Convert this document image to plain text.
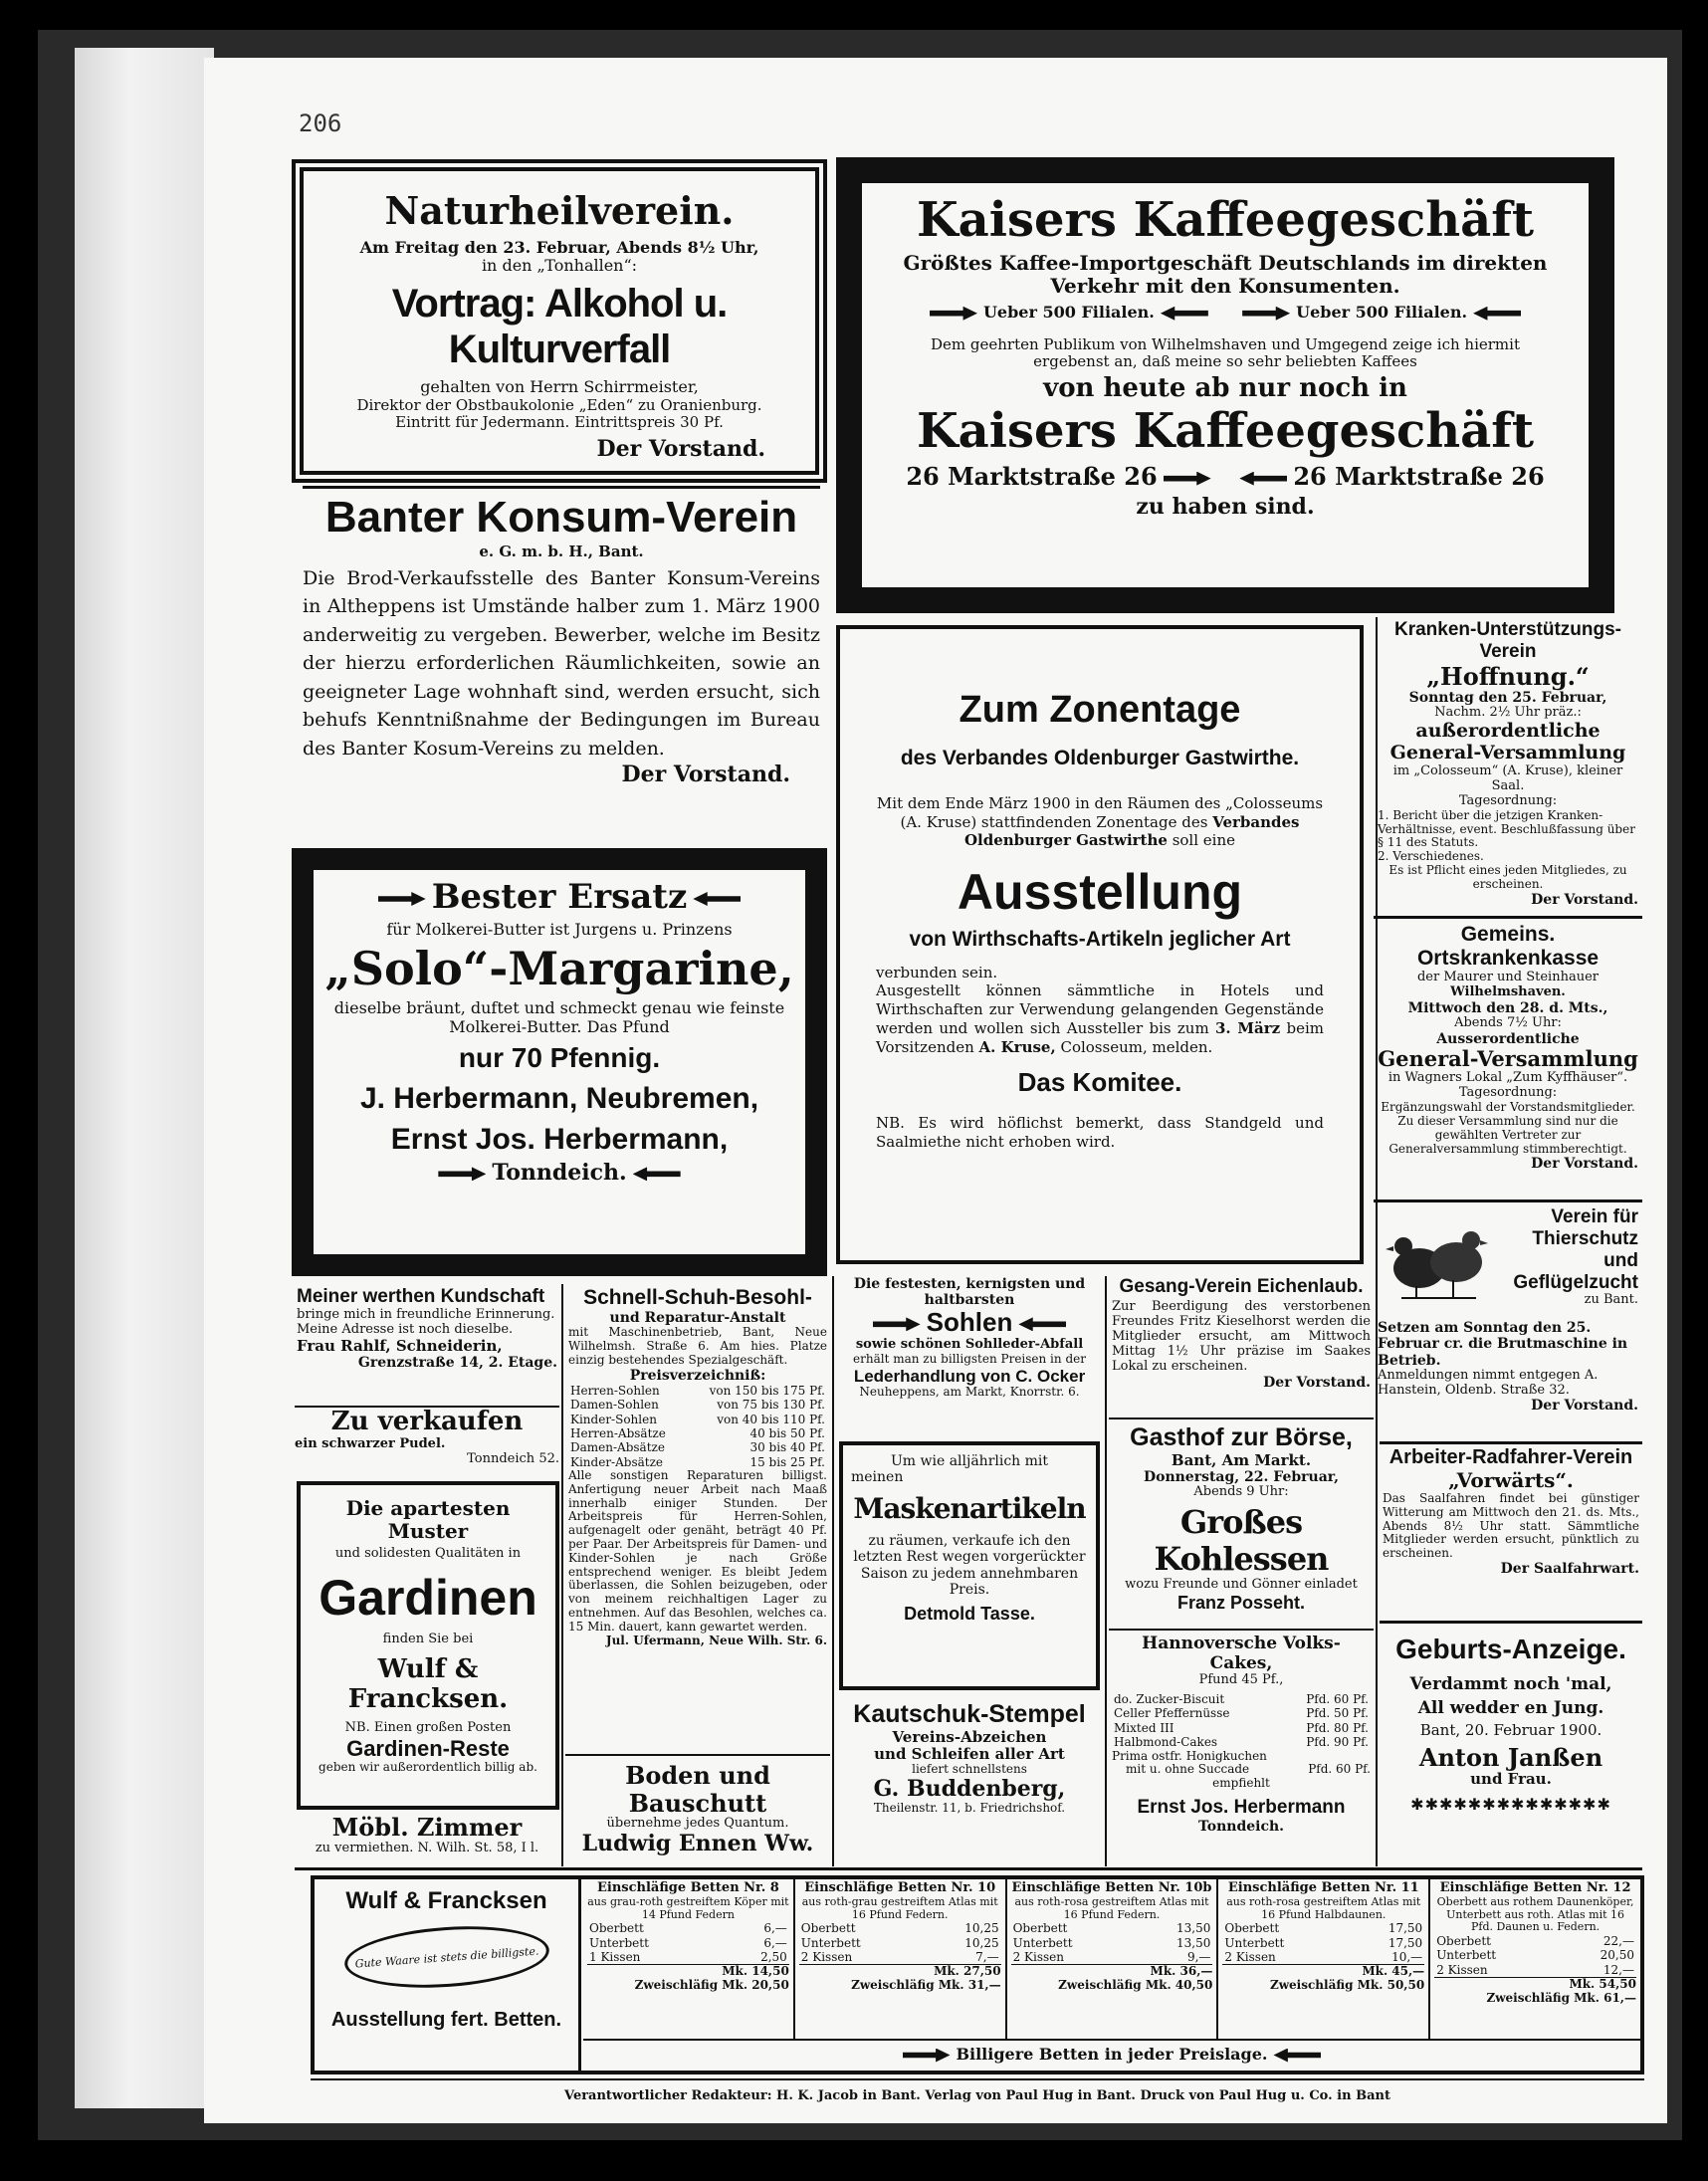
206

Naturheilverein.

Am Freitag den 23. Februar, Abends 8½ Uhr,

in den „Tonhallen“:

Vortrag: Alkohol u. Kulturverfall

gehalten von Herrn Schirrmeister,

Direktor der Obstbaukolonie „Eden“ zu Oranienburg.

Eintritt für Jedermann. Eintrittspreis 30 Pf.

Der Vorstand.

Kaisers Kaffeegeschäft

Größtes Kaffee-Importgeschäft Deutschlands im direkten

Verkehr mit den Konsumenten.

Ueber 500 Filialen.	Ueber 500 Filialen.

Dem geehrten Publikum von Wilhelmshaven und Umgegend zeige ich hiermit

ergebenst an, daß meine so sehr beliebten Kaffees

von heute ab nur noch in

Kaisers Kaffeegeschäft

26 Marktstraße 26	26 Marktstraße 26

zu haben sind.

Banter Konsum-Verein

e. G. m. b. H., Bant.

Die Brod-Verkaufsstelle des Banter Konsum-Vereins in Altheppens ist Umstände halber zum 1. März 1900 anderweitig zu vergeben. Bewerber, welche im Besitz der hierzu erforderlichen Räumlichkeiten, sowie an geeigneter Lage wohnhaft sind, werden ersucht, sich behufs Kenntnißnahme der Bedingungen im Bureau des Banter Kosum-Vereins zu melden.

Der Vorstand.

Zum Zonentage

des Verbandes Oldenburger Gastwirthe.

Mit dem Ende März 1900 in den Räumen des „Colosseums (A. Kruse) stattfindenden Zonentage des Verbandes Oldenburger Gastwirthe soll eine

Ausstellung

von Wirthschafts-Artikeln jeglicher Art

verbunden sein.

Ausgestellt können sämmtliche in Hotels und Wirthschaften zur Verwendung gelangenden Gegenstände werden und wollen sich Aussteller bis zum 3. März beim Vorsitzenden A. Kruse, Colosseum, melden.

Das Komitee.

NB. Es wird höflichst bemerkt, dass Standgeld und Saalmiethe nicht erhoben wird.

Kranken-Unterstützungs-Verein

„Hoffnung.“

Sonntag den 25. Februar,

Nachm. 2½ Uhr präz.:

außerordentliche General-Versammlung

im „Colosseum“ (A. Kruse), kleiner Saal.

Tagesordnung:

1. Bericht über die jetzigen Kranken-Verhältnisse, event. Beschlußfassung über § 11 des Statuts.

2. Verschiedenes.

Es ist Pflicht eines jeden Mitgliedes, zu erscheinen.

Der Vorstand.

Bester Ersatz

für Molkerei-Butter ist Jurgens u. Prinzens

„Solo“-Margarine,

dieselbe bräunt, duftet und schmeckt genau wie feinste

Molkerei-Butter. Das Pfund

nur 70 Pfennig.

J. Herbermann, Neubremen,

Ernst Jos. Herbermann,

Tonndeich.

Gemeins. Ortskrankenkasse

der Maurer und Steinhauer

Wilhelmshaven.

Mittwoch den 28. d. Mts.,

Abends 7½ Uhr:

Ausserordentliche

General-Versammlung

in Wagners Lokal „Zum Kyffhäuser“.

Tagesordnung:

Ergänzungswahl der Vorstandsmitglieder. Zu dieser Versammlung sind nur die gewählten Vertreter zur Generalversammlung stimmberechtigt.

Der Vorstand.

Verein für Thierschutz und Geflügelzucht

zu Bant.

Setzen am Sonntag den 25. Februar cr. die Brutmaschine in Betrieb.

Anmeldungen nimmt entgegen A. Hanstein, Oldenb. Straße 32.

Der Vorstand.

Meiner werthen Kundschaft

bringe mich in freundliche Erinnerung.

Meine Adresse ist noch dieselbe.

Frau Rahlf, Schneiderin,

Grenzstraße 14, 2. Etage.

Zu verkaufen

ein schwarzer Pudel.

Tonndeich 52.

Die apartesten Muster

und solidesten Qualitäten in

Gardinen

finden Sie bei

Wulf & Francksen.

NB. Einen großen Posten

Gardinen-Reste

geben wir außerordentlich billig ab.

Möbl. Zimmer

zu vermiethen. N. Wilh. St. 58, I l.

Schnell-Schuh-Besohl-

und Reparatur-Anstalt

mit Maschinenbetrieb, Bant, Neue Wilhelmsh. Straße 6. Am hies. Platze einzig bestehendes Spezialgeschäft.

Preisverzeichniß:

Herren-Sohlen	von 150 bis 175 Pf.
Damen-Sohlen	von 75 bis 130 Pf.
Kinder-Sohlen	von 40 bis 110 Pf.
Herren-Absätze	40 bis 50 Pf.
Damen-Absätze	30 bis 40 Pf.
Kinder-Absätze	15 bis 25 Pf.

Alle sonstigen Reparaturen billigst. Anfertigung neuer Arbeit nach Maaß innerhalb einiger Stunden. Der Arbeitspreis für Herren-Sohlen, aufgenagelt oder genäht, beträgt 40 Pf. per Paar. Der Arbeitspreis für Damen- und Kinder-Sohlen je nach Größe entsprechend weniger. Es bleibt Jedem überlassen, die Sohlen beizugeben, oder von meinem reichhaltigen Lager zu entnehmen. Auf das Besohlen, welches ca. 15 Min. dauert, kann gewartet werden.

Jul. Ufermann, Neue Wilh. Str. 6.

Boden und Bauschutt

übernehme jedes Quantum.

Ludwig Ennen Ww.

Die festesten, kernigsten und

haltbarsten

Sohlen

sowie schönen Sohlleder-Abfall

erhält man zu billigsten Preisen in der

Lederhandlung von C. Ocker

Neuheppens, am Markt, Knorrstr. 6.

Um wie alljährlich mit

meinen

Maskenartikeln

zu räumen, verkaufe ich den letzten Rest wegen vorgerückter Saison zu jedem annehmbaren Preis.

Detmold Tasse.

Kautschuk-Stempel

Vereins-Abzeichen

und Schleifen aller Art

liefert schnellstens

G. Buddenberg,

Theilenstr. 11, b. Friedrichshof.

Gesang-Verein Eichenlaub.

Zur Beerdigung des verstorbenen Freundes Fritz Kieselhorst werden die Mitglieder ersucht, am Mittwoch Mittag 1½ Uhr präzise im Saakes Lokal zu erscheinen.

Der Vorstand.

Gasthof zur Börse,

Bant, Am Markt.

Donnerstag, 22. Februar,

Abends 9 Uhr:

Großes Kohlessen

wozu Freunde und Gönner einladet

Franz Posseht.

Hannoversche Volks-Cakes,

Pfund 45 Pf.,

do. Zucker-Biscuit	Pfd. 60 Pf.
Celler Pfeffernüsse	Pfd. 50 Pf.
Mixted III	Pfd. 80 Pf.
Halbmond-Cakes	Pfd. 90 Pf.

Prima ostfr. Honigkuchen

mit u. ohne Succade	Pfd. 60 Pf.

empfiehlt

Ernst Jos. Herbermann

Tonndeich.

Arbeiter-Radfahrer-Verein

„Vorwärts“.

Das Saalfahren findet bei günstiger Witterung am Mittwoch den 21. ds. Mts., Abends 8½ Uhr statt. Sämmtliche Mitglieder werden ersucht, pünktlich zu erscheinen.

Der Saalfahrwart.

Geburts-Anzeige.

Verdammt noch 'mal,

All wedder en Jung.

Bant, 20. Februar 1900.

Anton Janßen

und Frau.

✱✱✱✱✱✱✱✱✱✱✱✱✱✱

Wulf & Francksen

Gute Waare ist stets die billigste.

Ausstellung fert. Betten.

Einschläfige Betten Nr. 8

aus grau-roth gestreiftem Köper mit 14 Pfund Federn

Oberbett	6,—
Unterbett	6,—
1 Kissen	2,50

Mk. 14,50

Zweischläfig Mk. 20,50

Einschläfige Betten Nr. 10

aus roth-grau gestreiftem Atlas mit 16 Pfund Federn.

Oberbett	10,25
Unterbett	10,25
2 Kissen	7,—

Mk. 27,50

Zweischläfig Mk. 31,—

Einschläfige Betten Nr. 10b

aus roth-rosa gestreiftem Atlas mit 16 Pfund Federn.

Oberbett	13,50
Unterbett	13,50
2 Kissen	9,—

Mk. 36,—

Zweischläfig Mk. 40,50

Einschläfige Betten Nr. 11

aus roth-rosa gestreiftem Atlas mit 16 Pfund Halbdaunen.

Oberbett	17,50
Unterbett	17,50
2 Kissen	10,—

Mk. 45,—

Zweischläfig Mk. 50,50

Einschläfige Betten Nr. 12

Oberbett aus rothem Daunenköper, Unterbett aus roth. Atlas mit 16 Pfd. Daunen u. Federn.

Oberbett	22,—
Unterbett	20,50
2 Kissen	12,—

Mk. 54,50

Zweischläfig Mk. 61,—

Billigere Betten in jeder Preislage.
Verantwortlicher Redakteur: H. K. Jacob in Bant. Verlag von Paul Hug in Bant. Druck von Paul Hug u. Co. in Bant
